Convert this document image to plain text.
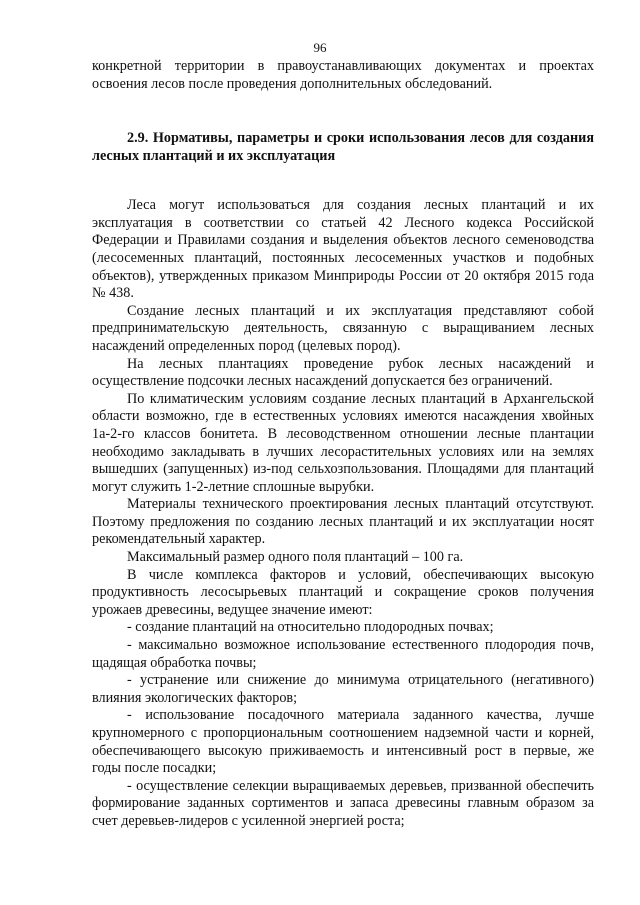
96

конкретной территории в правоустанавливающих документах и проектах освоения лесов после проведения дополнительных обследований.

2.9. Нормативы, параметры и сроки использования лесов для создания лесных плантаций и их эксплуатация

Леса могут использоваться для создания лесных плантаций и их эксплуатация в соответствии со статьей 42 Лесного кодекса Российской Федерации и Правилами создания и выделения объектов лесного семеноводства (лесосеменных плантаций, постоянных лесосеменных участков и подобных объектов), утвержденных приказом Минприроды России от 20 октября 2015 года № 438.

Создание лесных плантаций и их эксплуатация представляют собой предпринимательскую деятельность, связанную с выращиванием лесных насаждений определенных пород (целевых пород).

На лесных плантациях проведение рубок лесных насаждений и осуществление подсочки лесных насаждений допускается без ограничений.

По климатическим условиям создание лесных плантаций в Архангельской области возможно, где в естественных условиях имеются насаждения хвойных 1а-2-го классов бонитета. В лесоводственном отношении лесные плантации необходимо закладывать в лучших лесорастительных условиях или на землях вышедших (запущенных) из-под сельхозпользования. Площадями для плантаций могут служить 1-2-летние сплошные вырубки.

Материалы технического проектирования лесных плантаций отсутствуют. Поэтому предложения по созданию лесных плантаций и их эксплуатации носят рекомендательный характер.

Максимальный размер одного поля плантаций – 100 га.

В числе комплекса факторов и условий, обеспечивающих высокую продуктивность лесосырьевых плантаций и сокращение сроков получения урожаев древесины, ведущее значение имеют:

- создание плантаций на относительно плодородных почвах;

- максимально возможное использование естественного плодородия почв, щадящая обработка почвы;

- устранение или снижение до минимума отрицательного (негативного) влияния экологических факторов;

- использование посадочного материала заданного качества, лучше крупномерного с пропорциональным соотношением надземной части и корней, обеспечивающего высокую приживаемость и интенсивный рост в первые, же годы после посадки;

- осуществление селекции выращиваемых деревьев, призванной обеспечить формирование заданных сортиментов и запаса древесины главным образом за счет деревьев-лидеров с усиленной энергией роста;
